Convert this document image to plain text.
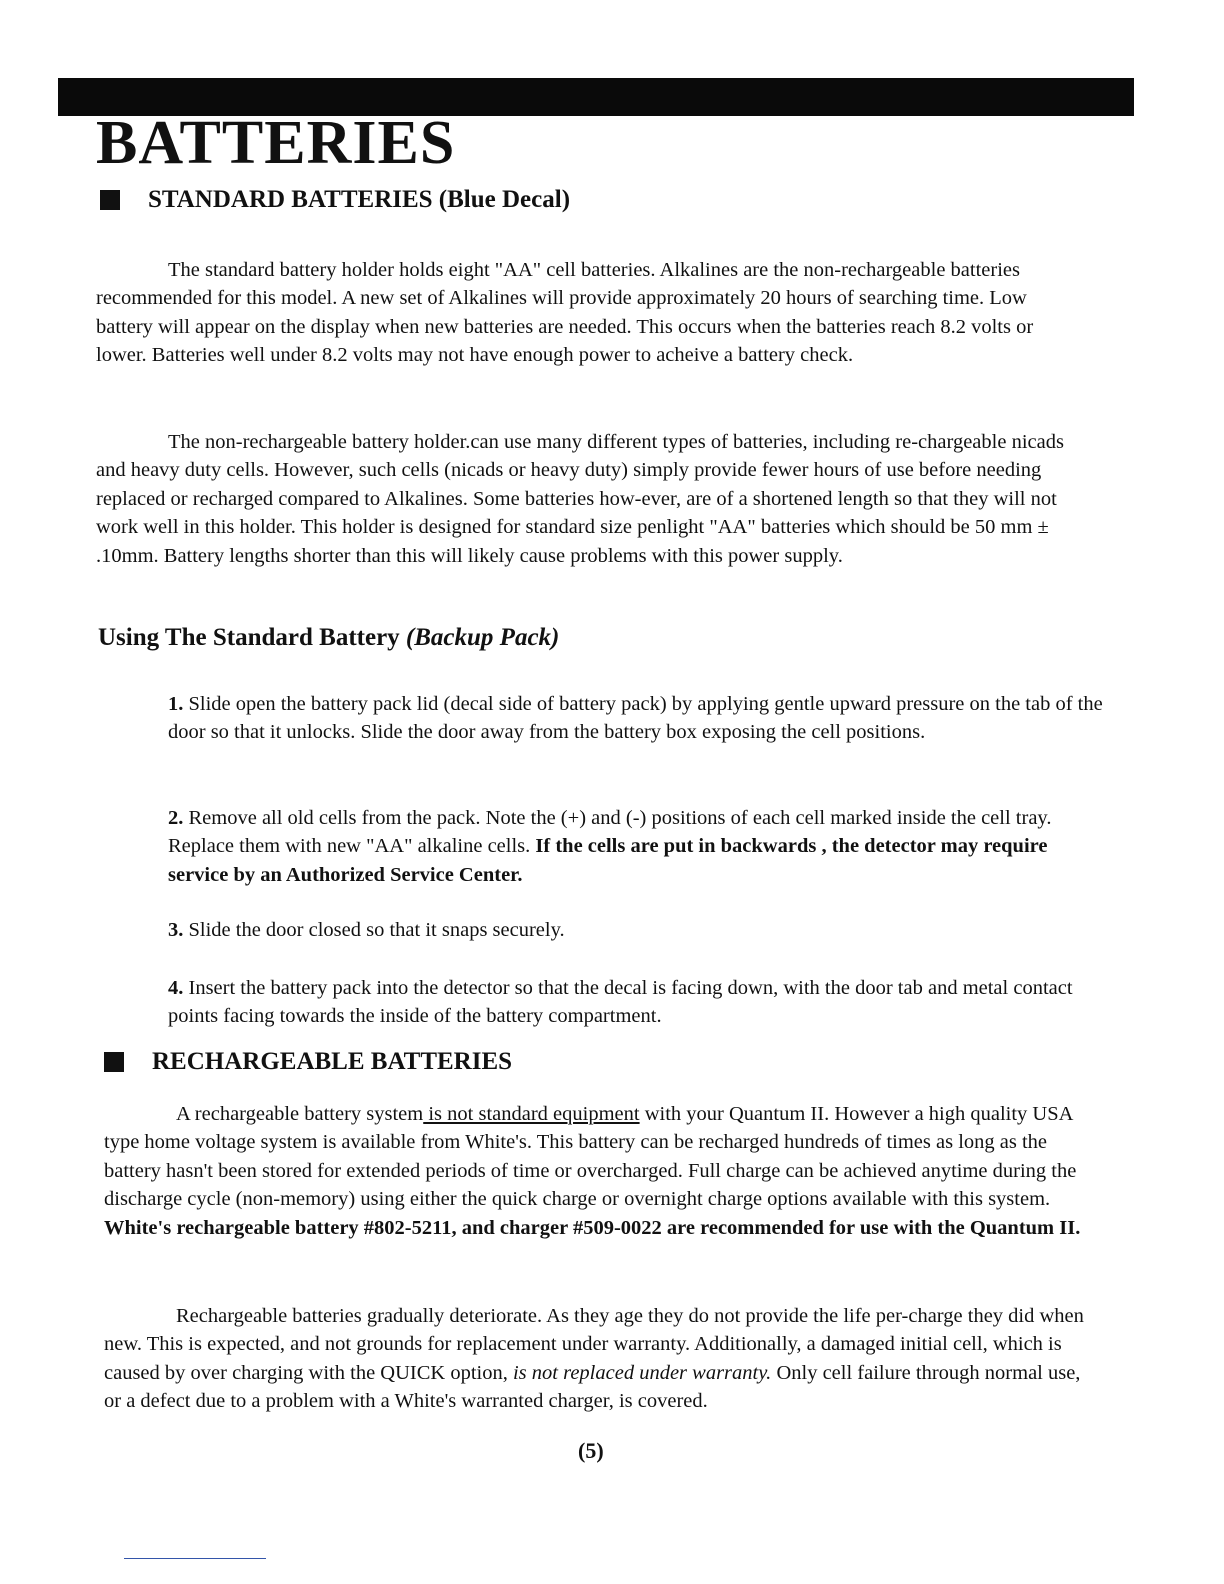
BATTERIES
STANDARD BATTERIES (Blue Decal)

The standard battery holder holds eight "AA" cell batteries. Alkalines are the non-rechargeable batteries recommended for this model. A new set of Alkalines will provide approximately 20 hours of searching time. Low battery will appear on the display when new batteries are needed. This occurs when the batteries reach 8.2 volts or lower. Batteries well under 8.2 volts may not have enough power to acheive a battery check.

The non-rechargeable battery holder.can use many different types of batteries, including re-chargeable nicads and heavy duty cells. However, such cells (nicads or heavy duty) simply provide fewer hours of use before needing replaced or recharged compared to Alkalines. Some batteries how-ever, are of a shortened length so that they will not work well in this holder. This holder is designed for standard size penlight "AA" batteries which should be 50 mm ± .10mm. Battery lengths shorter than this will likely cause problems with this power supply.

Using The Standard Battery (Backup Pack)

1. Slide open the battery pack lid (decal side of battery pack) by applying gentle upward pressure on the tab of the door so that it unlocks. Slide the door away from the battery box exposing the cell positions.

2. Remove all old cells from the pack. Note the (+) and (-) positions of each cell marked inside the cell tray. Replace them with new "AA" alkaline cells. If the cells are put in backwards , the detector may require service by an Authorized Service Center.

3. Slide the door closed so that it snaps securely.

4. Insert the battery pack into the detector so that the decal is facing down, with the door tab and metal contact points facing towards the inside of the battery compartment.

RECHARGEABLE BATTERIES

A rechargeable battery system is not standard equipment with your Quantum II. However a high quality USA type home voltage system is available from White's. This battery can be recharged hundreds of times as long as the battery hasn't been stored for extended periods of time or overcharged. Full charge can be achieved anytime during the discharge cycle (non-memory) using either the quick charge or overnight charge options available with this system. White's rechargeable battery #802-5211, and charger #509-0022 are recommended for use with the Quantum II.

Rechargeable batteries gradually deteriorate. As they age they do not provide the life per-charge they did when new. This is expected, and not grounds for replacement under warranty. Additionally, a damaged initial cell, which is caused by over charging with the QUICK option, is not replaced under warranty. Only cell failure through normal use, or a defect due to a problem with a White's warranted charger, is covered.

(5)
